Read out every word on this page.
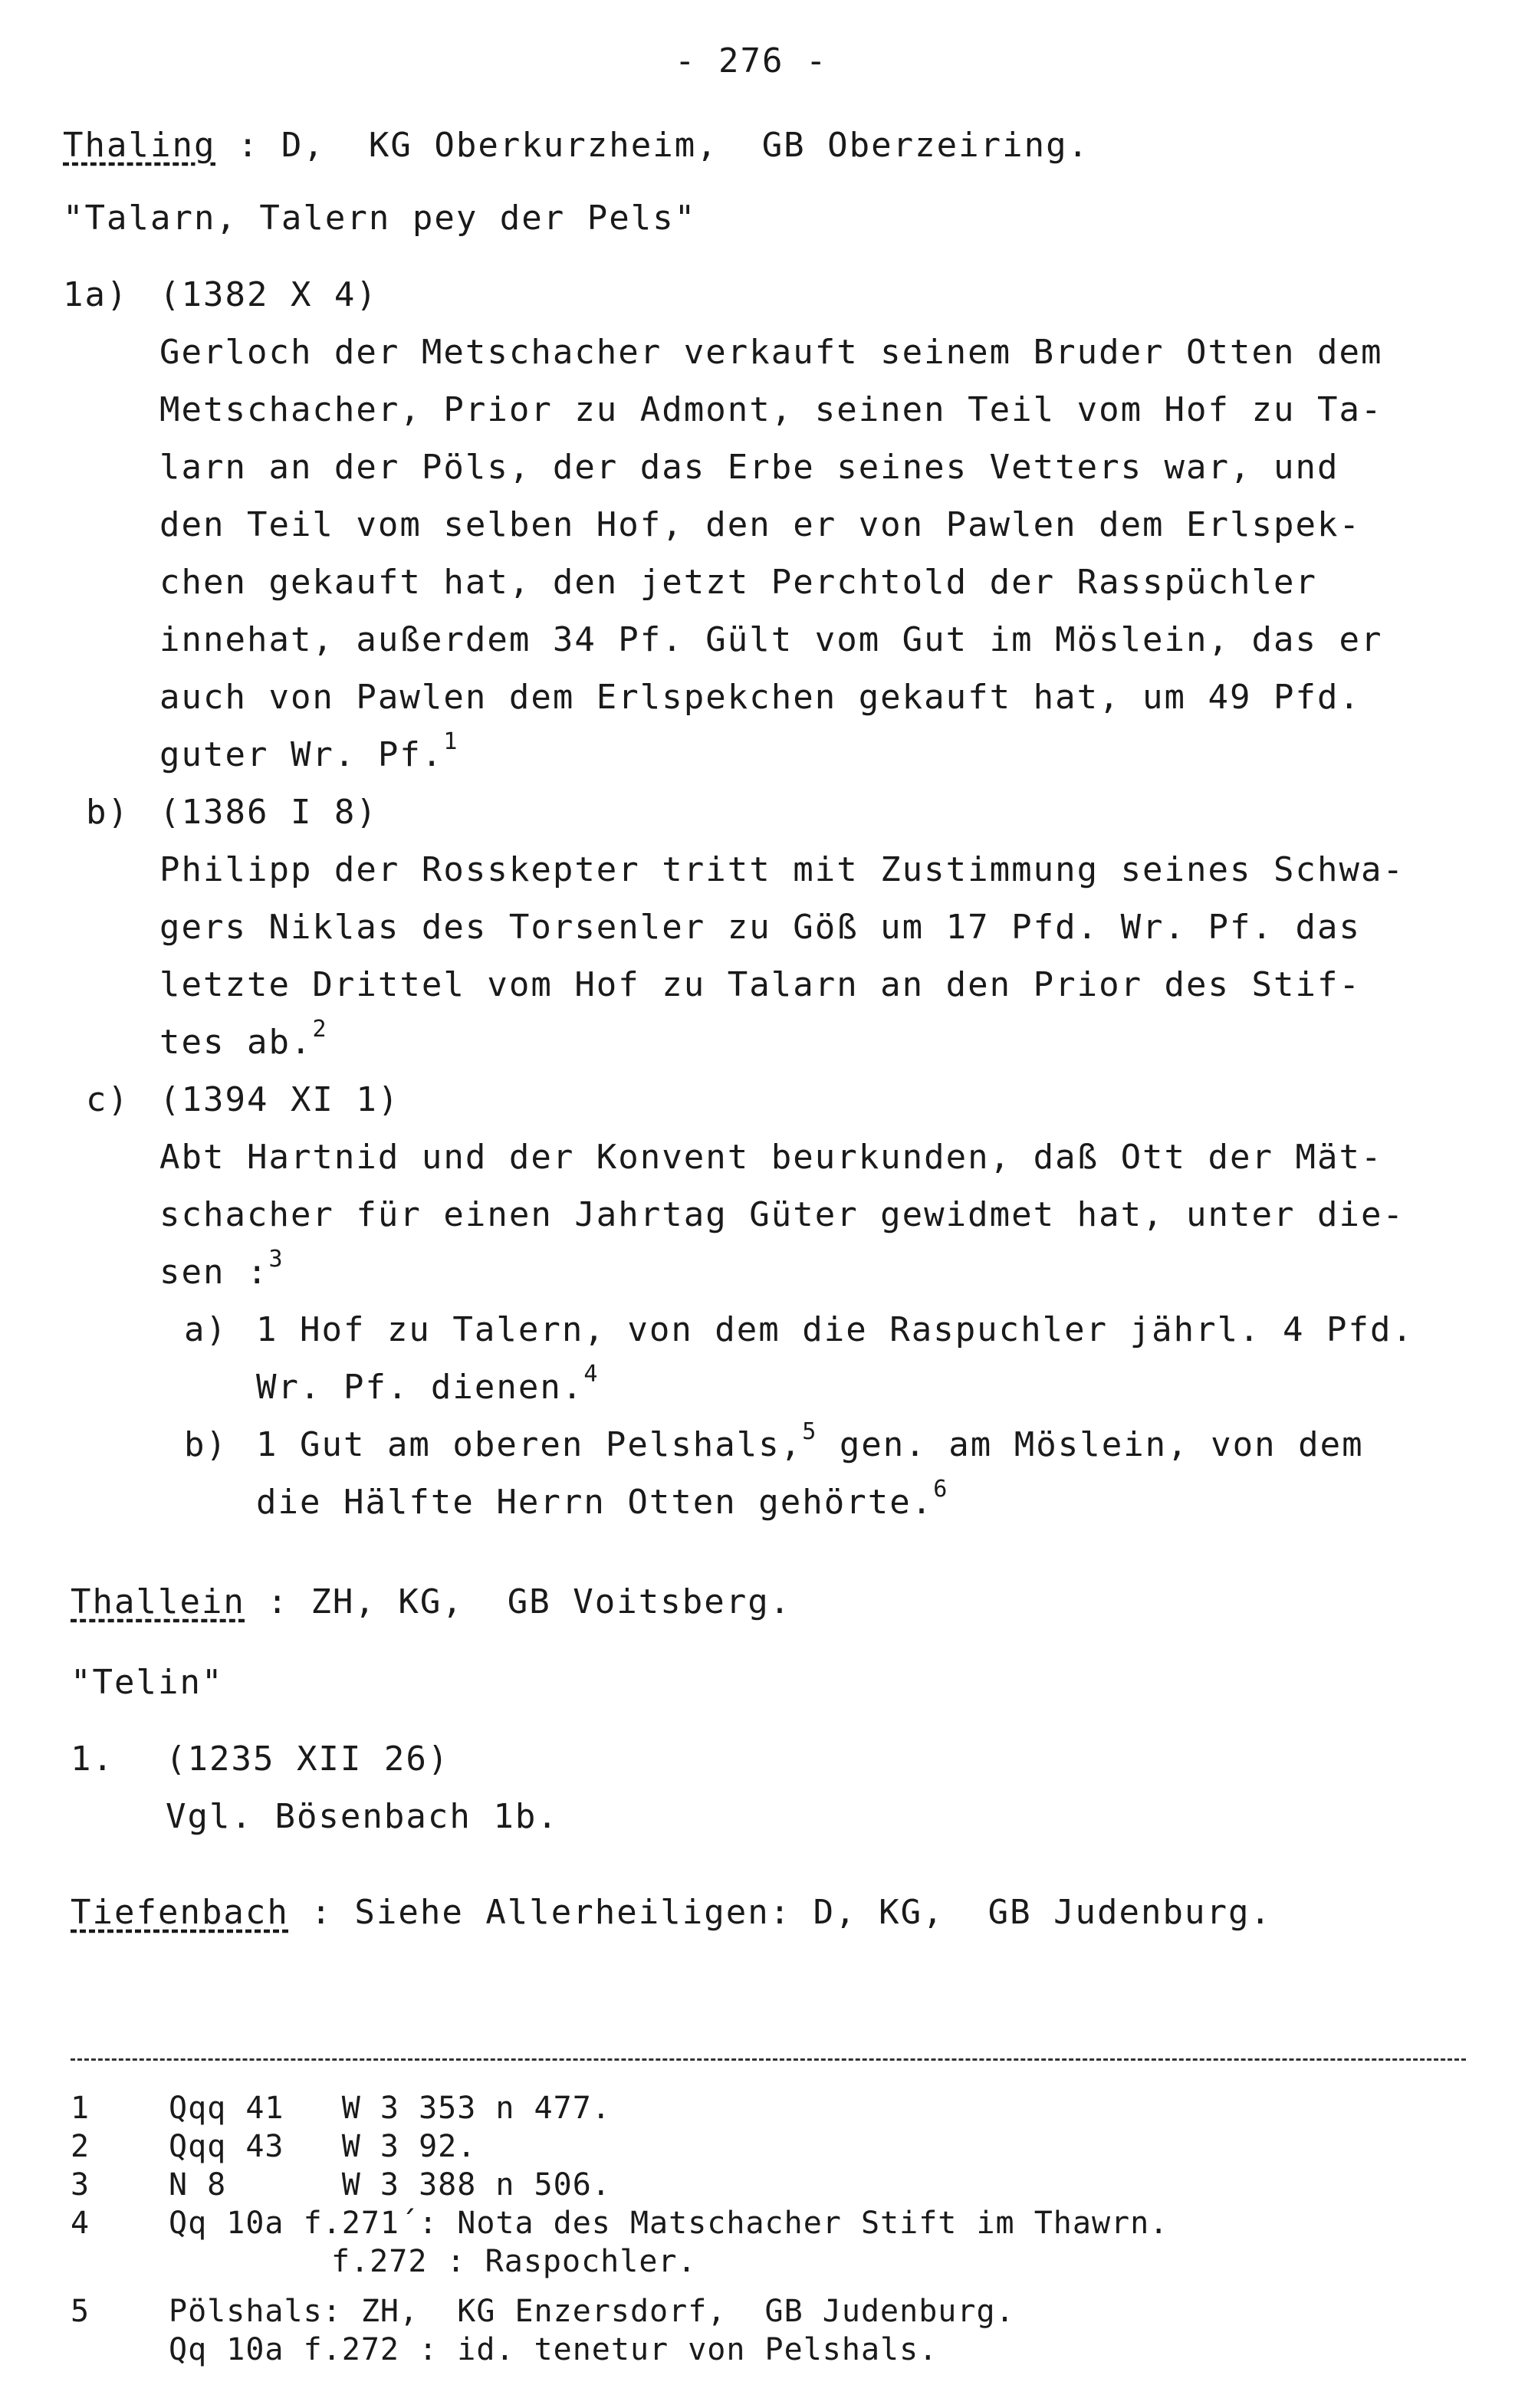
- 276 -
Thaling : D,  KG Oberkurzheim,  GB Oberzeiring.
"Talarn, Talern pey der Pels"
1a) (1382 X 4)
Gerloch der Metschacher verkauft seinem Bruder Otten dem
Metschacher, Prior zu Admont, seinen Teil vom Hof zu Ta-
larn an der Pöls, der das Erbe seines Vetters war, und
den Teil vom selben Hof, den er von Pawlen dem Erlspek-
chen gekauft hat, den jetzt Perchtold der Rasspüchler
innehat, außerdem 34 Pf. Gült vom Gut im Möslein, das er
auch von Pawlen dem Erlspekchen gekauft hat, um 49 Pfd.
guter Wr. Pf.$^1$
b) (1386 I 8)
Philipp der Rosskepter tritt mit Zustimmung seines Schwa-
gers Niklas des Torsenler zu Göß um 17 Pfd. Wr. Pf. das
letzte Drittel vom Hof zu Talarn an den Prior des Stif-
tes ab.$^2$
c) (1394 XI 1)
Abt Hartnid und der Konvent beurkunden, daß Ott der Mät-
schacher für einen Jahrtag Güter gewidmet hat, unter die-
sen :$^3$
a) 1 Hof zu Talern, von dem die Raspuchler jährl. 4 Pfd.
Wr. Pf. dienen.$^4$
b) 1 Gut am oberen Pelshals,$^5$ gen. am Möslein, von dem
die Hälfte Herrn Otten gehörte.$^6$
Thallein : ZH, KG,  GB Voitsberg.
"Telin"
1. (1235 XII 26)
Vgl. Bösenbach 1b.
Tiefenbach : Siehe Allerheiligen: D, KG,  GB Judenburg.
1	Qqq 41   W 3 353 n 477.
2	Qqq 43   W 3 92.
3	N 8      W 3 388 n 506.
4	Qq 10a f.271´: Nota des Matschacher Stift im Thawrn.
f.272 : Raspochler.
5	Pölshals: ZH,  KG Enzersdorf,  GB Judenburg.
Qq 10a f.272 : id. tenetur von Pelshals.
